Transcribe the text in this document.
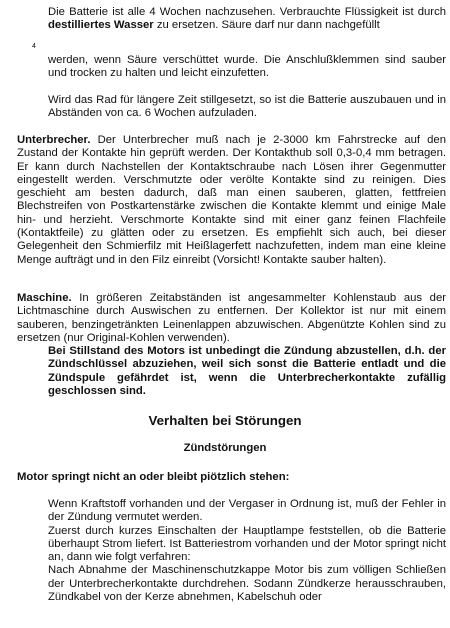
Die Batterie ist alle 4 Wochen nachzusehen. Verbrauchte Flüssigkeit ist durch destilliertes Wasser zu ersetzen. Säure darf nur dann nachgefüllt

4
werden, wenn Säure verschüttet wurde. Die Anschlußklemmen sind sauber und trocken zu halten und leicht einzufetten.
Wird das Rad für längere Zeit stillgesetzt, so ist die Batterie auszubauen und in Abständen von ca. 6 Wochen aufzuladen.

Unterbrecher. Der Unterbrecher muß nach je 2-3000 km Fahrstrecke auf den Zustand der Kontakte hin geprüft werden. Der Kontakthub soll 0,3-0,4 mm betragen. Er kann durch Nachstellen der Kontaktschraube nach Lösen ihrer Gegenmutter eingestellt werden. Verschmutzte oder verölte Kontakte sind zu reinigen. Dies geschieht am besten dadurch, daß man einen sauberen, glatten, fettfreien Blechstreifen von Postkartenstärke zwischen die Kontakte klemmt und einige Male hin- und herzieht. Verschmorte Kontakte sind mit einer ganz feinen Flachfeile (Kontaktfeile) zu glätten oder zu ersetzen. Es empfiehlt sich auch, bei dieser Gelegenheit den Schmierfilz mit Heißlagerfett nachzufetten, indem man eine kleine Menge aufträgt und in den Filz einreibt (Vorsicht! Kontakte sauber halten).

Maschine. In größeren Zeitabständen ist angesammelter Kohlenstaub aus der Lichtmaschine durch Auswischen zu entfernen. Der Kollektor ist nur mit einem sauberen, benzingetränkten Leinenlappen abzuwischen. Abgenützte Kohlen sind zu ersetzen (nur Original-Kohlen verwenden).

Bei Stillstand des Motors ist unbedingt die Zündung abzustellen, d.h. der Zündschlüssel abzuziehen, weil sich sonst die Batterie entladt und die Zündspule gefährdet ist, wenn die Unterbrecherkontakte zufällig geschlossen sind.

Verhalten bei Störungen
Zündstörungen
Motor springt nicht an oder bleibt piötzlich stehen:

Wenn Kraftstoff vorhanden und der Vergaser in Ordnung ist, muß der Fehler in der Zündung vermutet werden.

Zuerst durch kurzes Einschalten der Hauptlampe feststellen, ob die Batterie überhaupt Strom liefert. Ist Batteriestrom vorhanden und der Motor springt nicht an, dann wie folgt verfahren:

Nach Abnahme der Maschinenschutzkappe Motor bis zum völligen Schließen der Unterbrecherkontakte durchdrehen. Sodann Zündkerze herausschrauben, Zündkabel von der Kerze abnehmen, Kabelschuh oder
